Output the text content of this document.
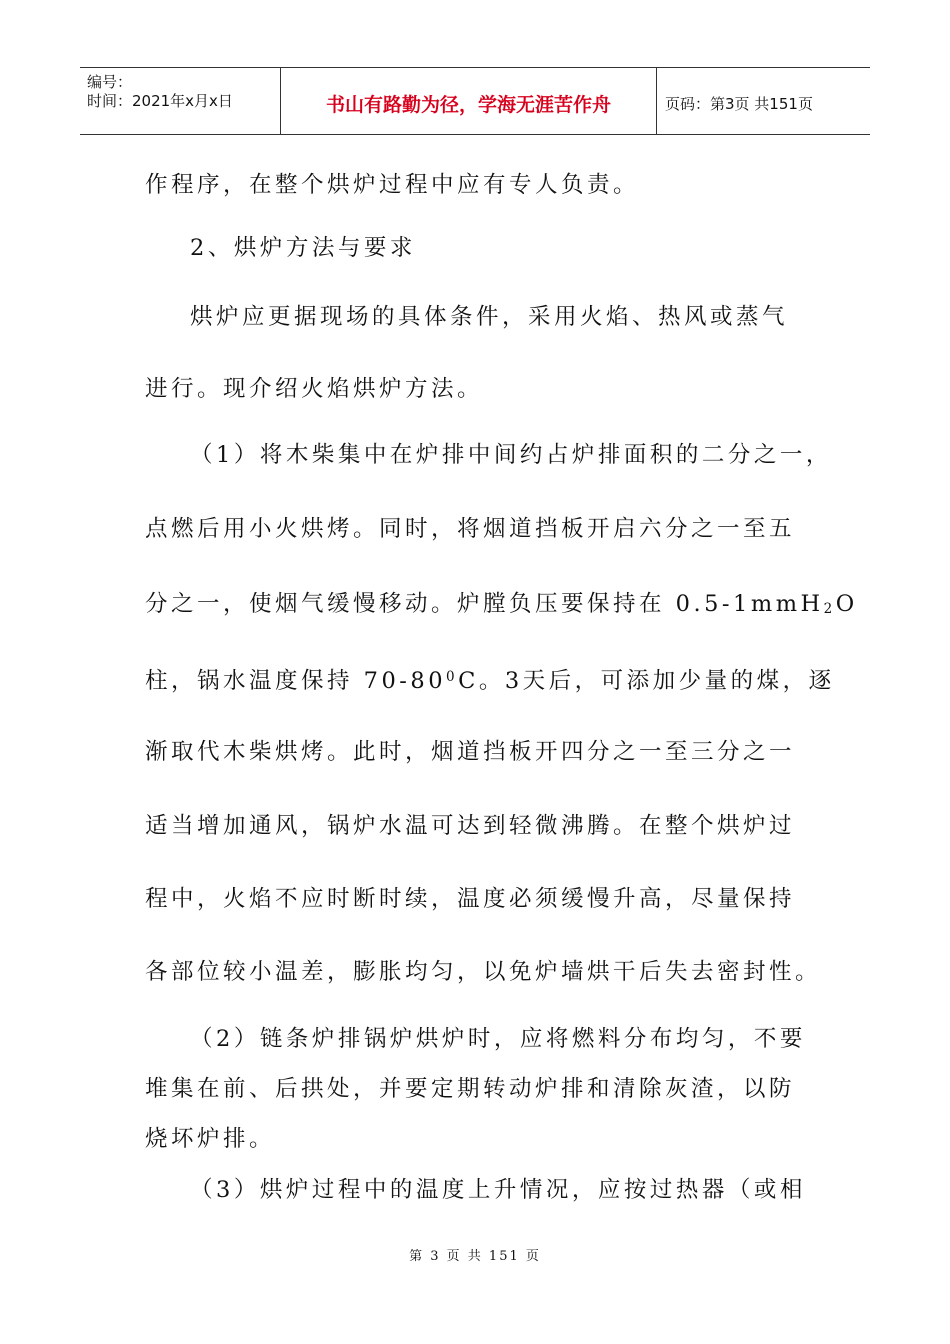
编号：
时间：2021年x月x日	书山有路勤为径，学海无涯苦作舟	页码：第3页 共151页
作程序，在整个烘炉过程中应有专人负责。
2、烘炉方法与要求
烘炉应更据现场的具体条件，采用火焰、热风或蒸气
进行。现介绍火焰烘炉方法。
（1）将木柴集中在炉排中间约占炉排面积的二分之一，
点燃后用小火烘烤。同时，将烟道挡板开启六分之一至五
分之一，使烟气缓慢移动。炉膛负压要保持在 0.5-1mmH$_2$O
柱，锅水温度保持 $70-80^0C$。3天后，可添加少量的煤，逐
渐取代木柴烘烤。此时，烟道挡板开四分之一至三分之一
适当增加通风，锅炉水温可达到轻微沸腾。在整个烘炉过
程中，火焰不应时断时续，温度必须缓慢升高，尽量保持
各部位较小温差，膨胀均匀，以免炉墙烘干后失去密封性。
（2）链条炉排锅炉烘炉时，应将燃料分布均匀，不要
堆集在前、后拱处，并要定期转动炉排和清除灰渣，以防
烧坏炉排。
（3）烘炉过程中的温度上升情况，应按过热器（或相
第 3 页 共 151 页
